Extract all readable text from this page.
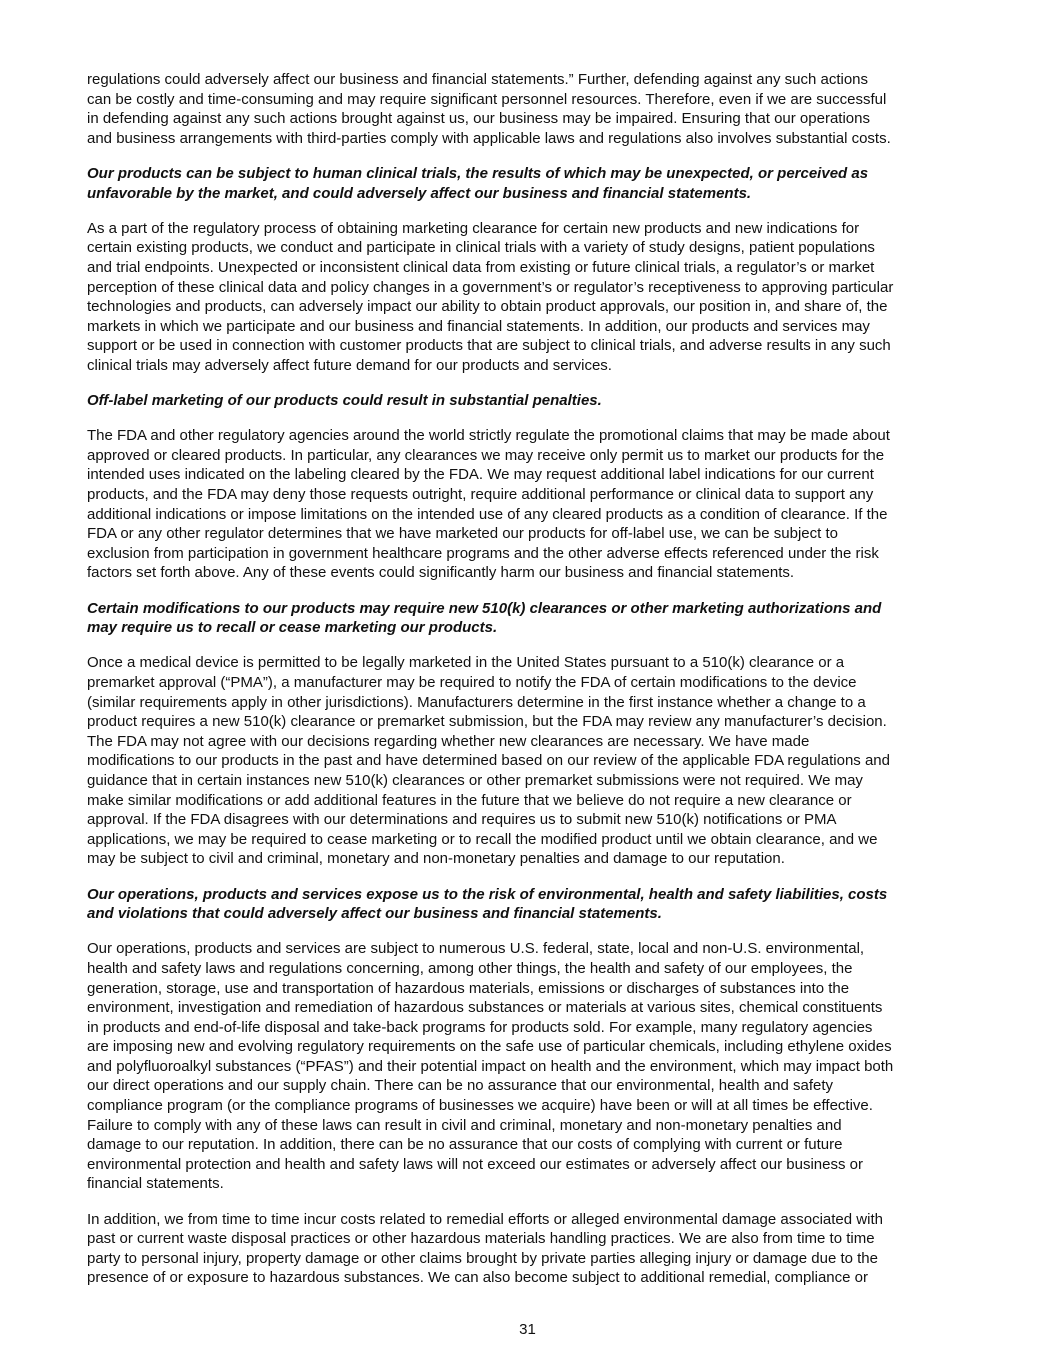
regulations could adversely affect our business and financial statements.” Further, defending against any such actions
can be costly and time-consuming and may require significant personnel resources. Therefore, even if we are successful
in defending against any such actions brought against us, our business may be impaired. Ensuring that our operations
and business arrangements with third-parties comply with applicable laws and regulations also involves substantial costs.
Our products can be subject to human clinical trials, the results of which may be unexpected, or perceived as
unfavorable by the market, and could adversely affect our business and financial statements.
As a part of the regulatory process of obtaining marketing clearance for certain new products and new indications for
certain existing products, we conduct and participate in clinical trials with a variety of study designs, patient populations
and trial endpoints. Unexpected or inconsistent clinical data from existing or future clinical trials, a regulator’s or market
perception of these clinical data and policy changes in a government’s or regulator’s receptiveness to approving particular
technologies and products, can adversely impact our ability to obtain product approvals, our position in, and share of, the
markets in which we participate and our business and financial statements. In addition, our products and services may
support or be used in connection with customer products that are subject to clinical trials, and adverse results in any such
clinical trials may adversely affect future demand for our products and services.
Off-label marketing of our products could result in substantial penalties.
The FDA and other regulatory agencies around the world strictly regulate the promotional claims that may be made about
approved or cleared products. In particular, any clearances we may receive only permit us to market our products for the
intended uses indicated on the labeling cleared by the FDA. We may request additional label indications for our current
products, and the FDA may deny those requests outright, require additional performance or clinical data to support any
additional indications or impose limitations on the intended use of any cleared products as a condition of clearance. If the
FDA or any other regulator determines that we have marketed our products for off-label use, we can be subject to
exclusion from participation in government healthcare programs and the other adverse effects referenced under the risk
factors set forth above. Any of these events could significantly harm our business and financial statements.
Certain modifications to our products may require new 510(k) clearances or other marketing authorizations and
may require us to recall or cease marketing our products.
Once a medical device is permitted to be legally marketed in the United States pursuant to a 510(k) clearance or a
premarket approval (“PMA”), a manufacturer may be required to notify the FDA of certain modifications to the device
(similar requirements apply in other jurisdictions). Manufacturers determine in the first instance whether a change to a
product requires a new 510(k) clearance or premarket submission, but the FDA may review any manufacturer’s decision.
The FDA may not agree with our decisions regarding whether new clearances are necessary. We have made
modifications to our products in the past and have determined based on our review of the applicable FDA regulations and
guidance that in certain instances new 510(k) clearances or other premarket submissions were not required. We may
make similar modifications or add additional features in the future that we believe do not require a new clearance or
approval. If the FDA disagrees with our determinations and requires us to submit new 510(k) notifications or PMA
applications, we may be required to cease marketing or to recall the modified product until we obtain clearance, and we
may be subject to civil and criminal, monetary and non-monetary penalties and damage to our reputation.
Our operations, products and services expose us to the risk of environmental, health and safety liabilities, costs
and violations that could adversely affect our business and financial statements.
Our operations, products and services are subject to numerous U.S. federal, state, local and non-U.S. environmental,
health and safety laws and regulations concerning, among other things, the health and safety of our employees, the
generation, storage, use and transportation of hazardous materials, emissions or discharges of substances into the
environment, investigation and remediation of hazardous substances or materials at various sites, chemical constituents
in products and end-of-life disposal and take-back programs for products sold. For example, many regulatory agencies
are imposing new and evolving regulatory requirements on the safe use of particular chemicals, including ethylene oxides
and polyfluoroalkyl substances (“PFAS”) and their potential impact on health and the environment, which may impact both
our direct operations and our supply chain. There can be no assurance that our environmental, health and safety
compliance program (or the compliance programs of businesses we acquire) have been or will at all times be effective.
Failure to comply with any of these laws can result in civil and criminal, monetary and non-monetary penalties and
damage to our reputation. In addition, there can be no assurance that our costs of complying with current or future
environmental protection and health and safety laws will not exceed our estimates or adversely affect our business or
financial statements.
In addition, we from time to time incur costs related to remedial efforts or alleged environmental damage associated with
past or current waste disposal practices or other hazardous materials handling practices. We are also from time to time
party to personal injury, property damage or other claims brought by private parties alleging injury or damage due to the
presence of or exposure to hazardous substances. We can also become subject to additional remedial, compliance or
31
